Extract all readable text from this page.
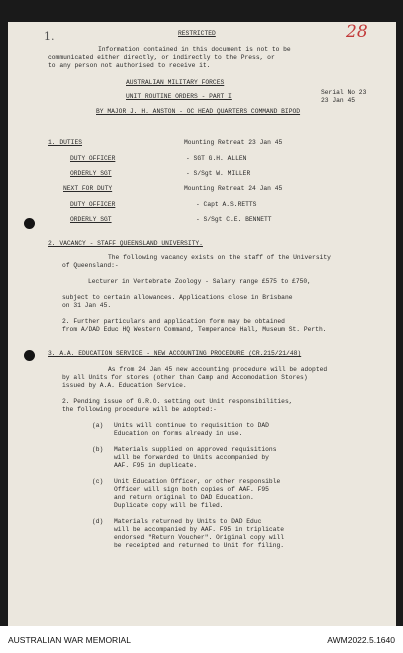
1.	28
RESTRICTED
Information contained in this document is not to be
communicated either directly, or indirectly to the Press, or
to any person not authorised to receive it.
AUSTRALIAN MILITARY FORCES
UNIT ROUTINE ORDERS - PART I
Serial No 23
23 Jan 45
BY MAJOR J. H. ANSTON - OC HEAD QUARTERS COMMAND BIPOD
1. DUTIES	Mounting Retreat 23 Jan 45
DUTY OFFICER	- SGT G.H. ALLEN
ORDERLY SGT	- S/Sgt W. MILLER
NEXT FOR DUTY	Mounting Retreat 24 Jan 45
DUTY OFFICER	- Capt A.S.RETTS
ORDERLY SGT	- S/Sgt C.E. BENNETT
2. VACANCY - STAFF QUEENSLAND UNIVERSITY.
The following vacancy exists on the staff of the University
of Queensland:-
Lecturer in Vertebrate Zoology - Salary range £575 to £750,
subject to certain allowances. Applications close in Brisbane
on 31 Jan 45.
2. Further particulars and application form may be obtained
from A/DAD Educ HQ Western Command, Temperance Hall, Museum St. Perth.
3. A.A. EDUCATION SERVICE - NEW ACCOUNTING PROCEDURE (CR.215/21/48)
As from 24 Jan 45 new accounting procedure will be adopted
by all Units for stores (other than Camp and Accomodation Stores)
issued by A.A. Education Service.
2. Pending issue of G.R.O. setting out Unit responsibilities,
the following procedure will be adopted:-
(a) Units will continue to requisition to DAD
Education on forms already in use.
(b) Materials supplied on approved requisitions
will be forwarded to Units accompanied by
AAF. F95 in duplicate.
(c) Unit Education Officer, or other responsible
Officer will sign both copies of AAF. F95
and return original to DAD Education.
Duplicate copy will be filed.
(d) Materials returned by Units to DAD Educ
will be accompanied by AAF. F95 in triplicate
endorsed "Return Voucher". Original copy will
be receipted and returned to Unit for filing.
AUSTRALIAN WAR MEMORIAL	AWM2022.5.1640
